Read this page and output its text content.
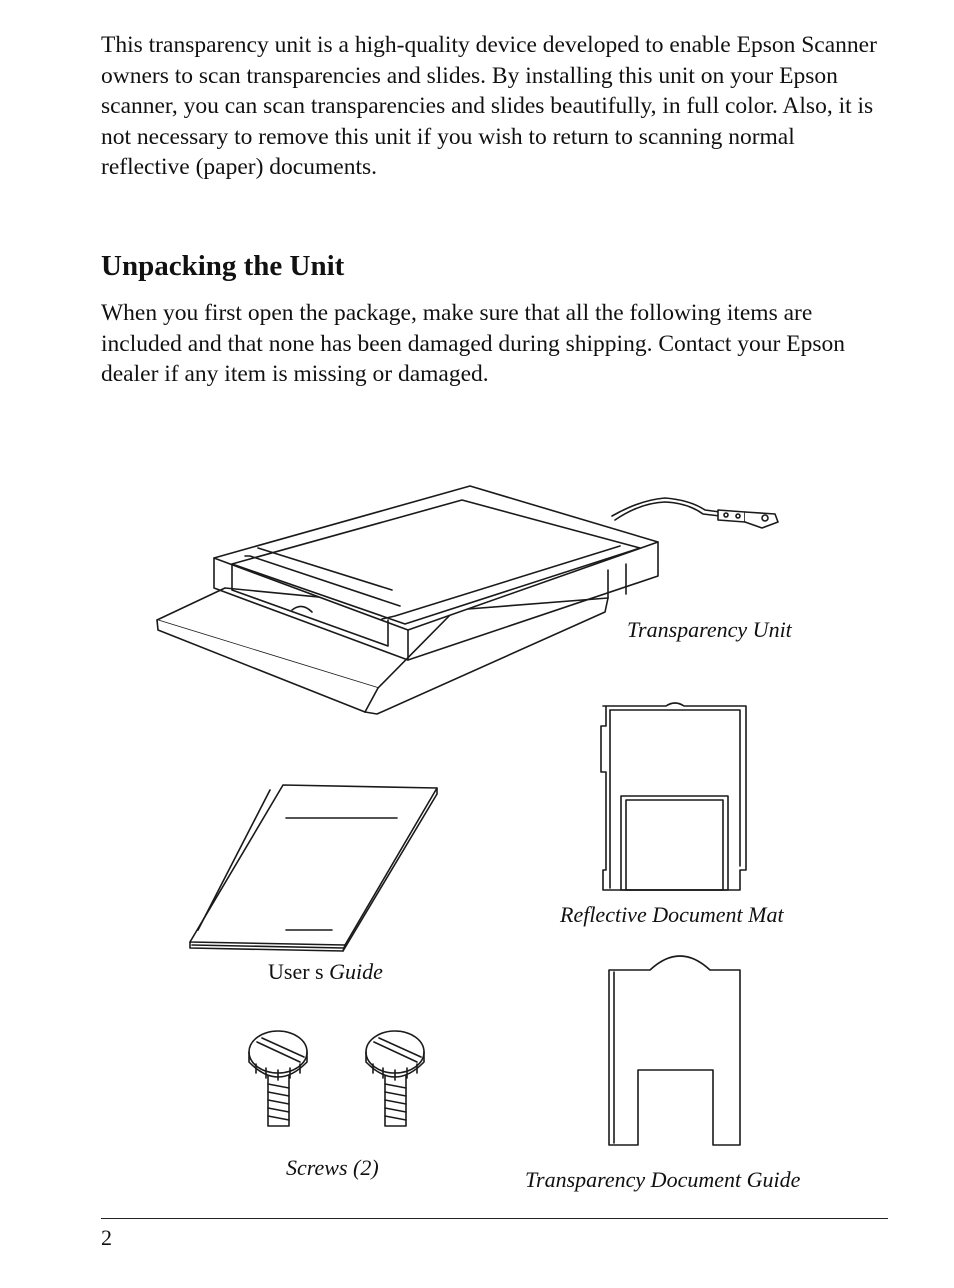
This transparency unit is a high-quality device developed to enable Epson Scanner owners to scan transparencies and slides. By installing this unit on your Epson scanner, you can scan transparencies and slides beautifully, in full color. Also, it is not necessary to remove this unit if you wish to return to scanning normal reflective (paper) documents.

Unpacking the Unit

When you first open the package, make sure that all the following items are included and that none has been damaged during shipping. Contact your Epson dealer if any item is missing or damaged.

Transparency Unit

User s Guide

Reflective Document Mat

Screws (2)	Transparency Document Guide

2
